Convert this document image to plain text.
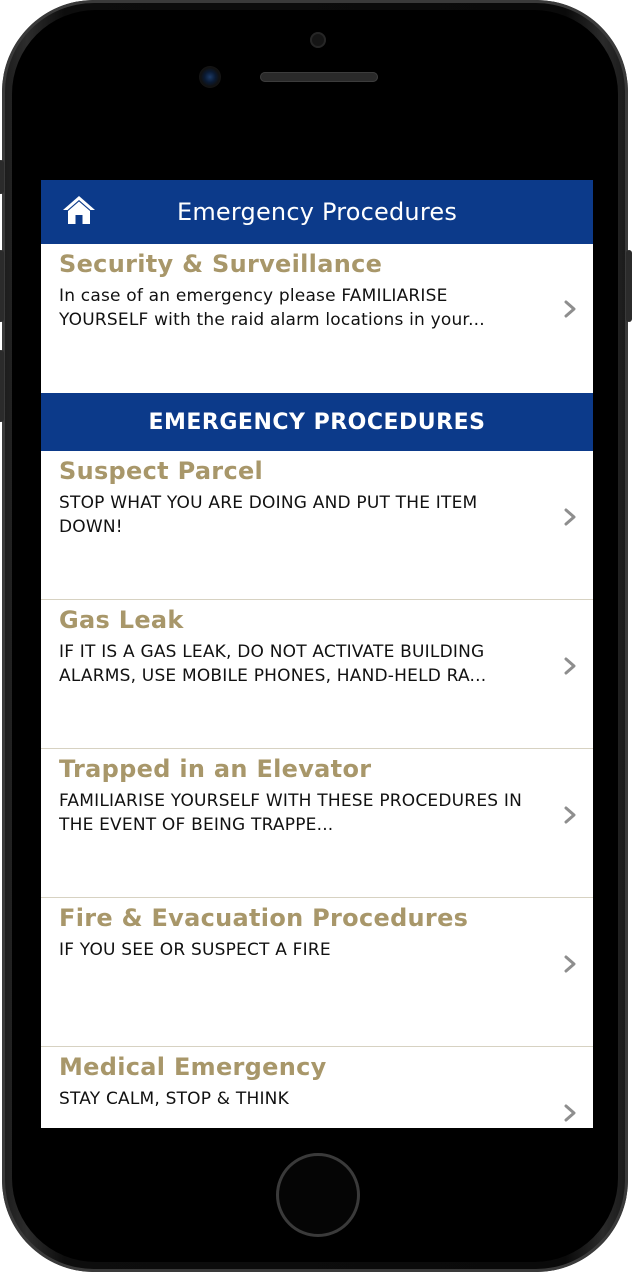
Emergency Procedures
Security & Surveillance
In case of an emergency please FAMILIARISE YOURSELF with the raid alarm locations in your...
EMERGENCY PROCEDURES
Suspect Parcel
STOP WHAT YOU ARE DOING AND PUT THE ITEM DOWN!
Gas Leak
IF IT IS A GAS LEAK, DO NOT ACTIVATE BUILDING ALARMS, USE MOBILE PHONES, HAND-HELD RA...
Trapped in an Elevator
FAMILIARISE YOURSELF WITH THESE PROCEDURES IN THE EVENT OF BEING TRAPPE...
Fire & Evacuation Procedures
IF YOU SEE OR SUSPECT A FIRE
Medical Emergency
STAY CALM, STOP & THINK
